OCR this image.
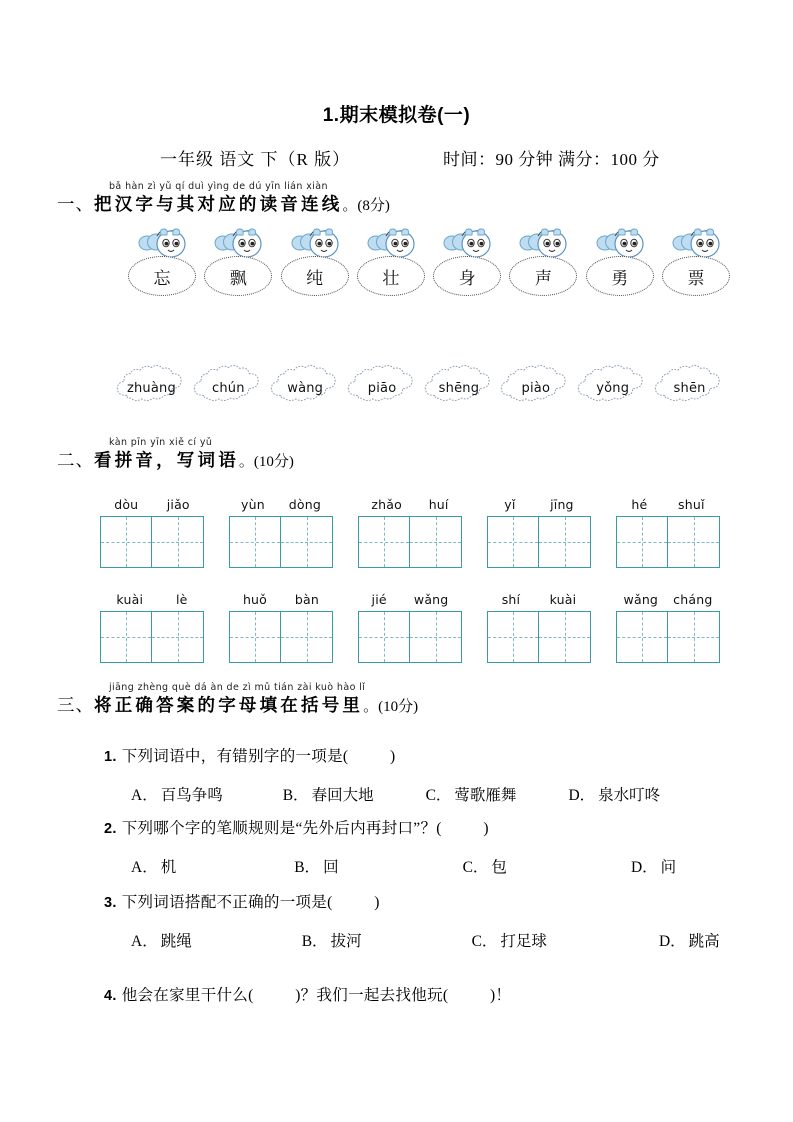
1.期末模拟卷(一)
一年级 语文 下（R 版）	时间：90 分钟 满分：100 分
bǎ hàn zì yǔ qí duì yìng de dú yīn lián xiàn
一、把汉字与其对应的读音连线。(8分)
忘	飘	纯	壮	身	声	勇	票
zhuàng	chún	wàng	piāo	shēng	piào	yǒng	shēn
kàn pīn yīn xiě cí yǔ
二、看拼音，写词语。(10分)
dòu jiǎo	yùn dòng	zhǎo huí	yǐ	jīng	hé shuǐ
kuài	lè	huǒ bàn	jié wǎng	shí kuài	wǎng cháng
jiāng zhèng què dá àn de zì mǔ tián zài kuò hào lǐ
三、将正确答案的字母填在括号里。(10分)
1. 下列词语中，有错别字的一项是(	)
A． 百鸟争鸣	B． 春回大地	C． 莺歌雁舞	D． 泉水叮咚
2. 下列哪个字的笔顺规则是“先外后内再封口”？(	)
A． 机	B． 回	C． 包	D． 问
3. 下列词语搭配不正确的一项是(	)
A． 跳绳	B． 拔河	C． 打足球	D． 跳高
4. 他会在家里干什么(	)？我们一起去找他玩(	)！
